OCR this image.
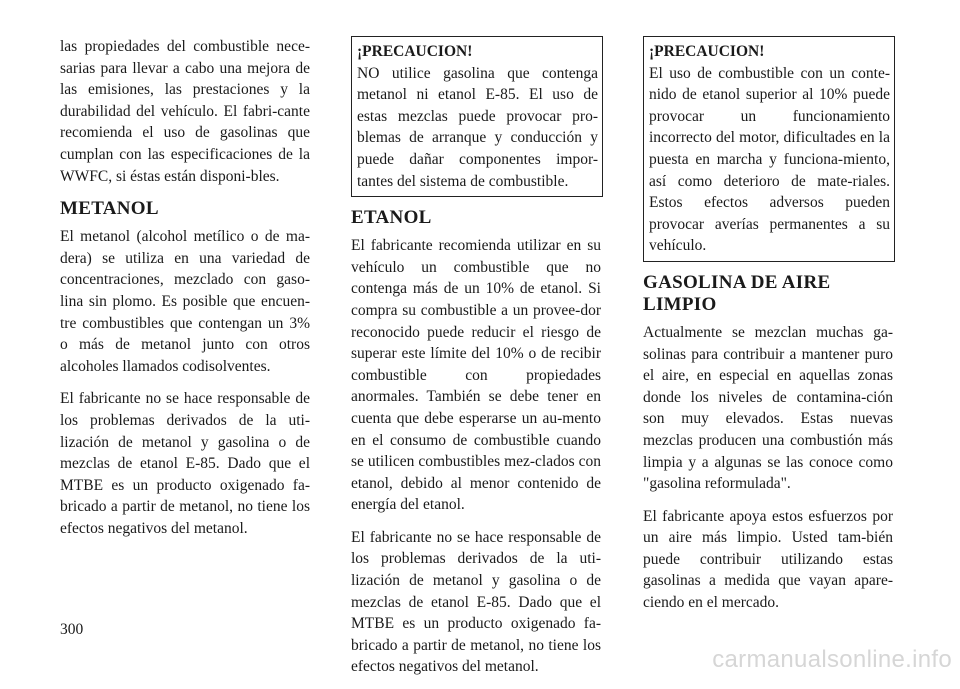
las propiedades del combustible nece-sarias para llevar a cabo una mejora de las emisiones, las prestaciones y la durabilidad del vehículo. El fabri-cante recomienda el uso de gasolinas que cumplan con las especificaciones de la WWFC, si éstas están disponi-bles.

METANOL

El metanol (alcohol metílico o de ma-dera) se utiliza en una variedad de concentraciones, mezclado con gaso-lina sin plomo. Es posible que encuen-tre combustibles que contengan un 3% o más de metanol junto con otros alcoholes llamados codisolventes.

El fabricante no se hace responsable de los problemas derivados de la uti-lización de metanol y gasolina o de mezclas de etanol E-85. Dado que el MTBE es un producto oxigenado fa-bricado a partir de metanol, no tiene los efectos negativos del metanol.

¡PRECAUCION!
NO utilice gasolina que contenga metanol ni etanol E-85. El uso de estas mezclas puede provocar pro-blemas de arranque y conducción y puede dañar componentes impor-tantes del sistema de combustible.
ETANOL

El fabricante recomienda utilizar en su vehículo un combustible que no contenga más de un 10% de etanol. Si compra su combustible a un provee-dor reconocido puede reducir el riesgo de superar este límite del 10% o de recibir combustible con propiedades anormales. También se debe tener en cuenta que debe esperarse un au-mento en el consumo de combustible cuando se utilicen combustibles mez-clados con etanol, debido al menor contenido de energía del etanol.

El fabricante no se hace responsable de los problemas derivados de la uti-lización de metanol y gasolina o de mezclas de etanol E-85. Dado que el MTBE es un producto oxigenado fa-bricado a partir de metanol, no tiene los efectos negativos del metanol.

¡PRECAUCION!
El uso de combustible con un conte-nido de etanol superior al 10% puede provocar un funcionamiento incorrecto del motor, dificultades en la puesta en marcha y funciona-miento, así como deterioro de mate-riales. Estos efectos adversos pueden provocar averías permanentes a su vehículo.
GASOLINA DE AIRE LIMPIO

Actualmente se mezclan muchas ga-solinas para contribuir a mantener puro el aire, en especial en aquellas zonas donde los niveles de contamina-ción son muy elevados. Estas nuevas mezclas producen una combustión más limpia y a algunas se las conoce como "gasolina reformulada".

El fabricante apoya estos esfuerzos por un aire más limpio. Usted tam-bién puede contribuir utilizando estas gasolinas a medida que vayan apare-ciendo en el mercado.

300
carmanualsonline.info
